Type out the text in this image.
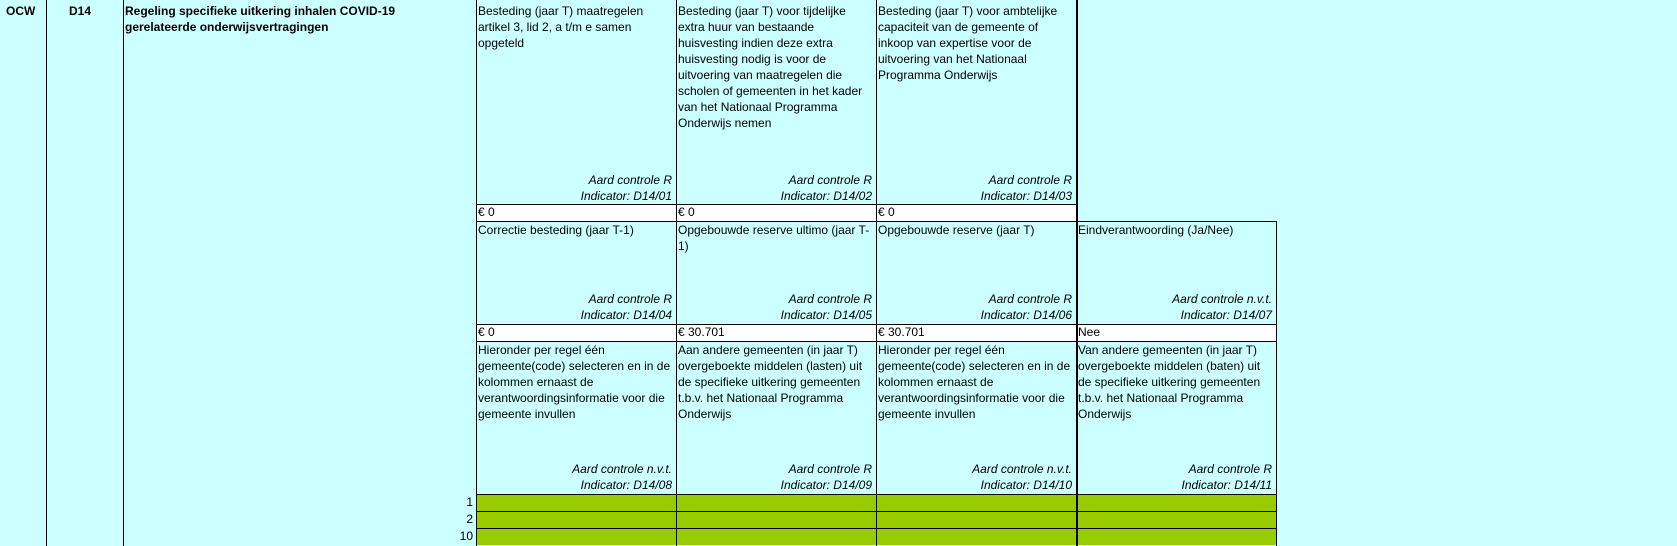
OCW	D14	Regeling specifieke uitkering inhalen COVID-19 gerelateerde onderwijsvertragingen
Besteding (jaar T) maatregelen artikel 3, lid 2, a t/m e samen opgeteld
Aard controle R
Indicator: D14/01
€ 0
Besteding (jaar T) voor tijdelijke extra huur van bestaande huisvesting indien deze extra huisvesting nodig is voor de uitvoering van maatregelen die scholen of gemeenten in het kader van het Nationaal Programma Onderwijs nemen
Aard controle R
Indicator: D14/02
€ 0
Besteding (jaar T) voor ambtelijke capaciteit van de gemeente of inkoop van expertise voor de uitvoering van het Nationaal Programma Onderwijs
Aard controle R
Indicator: D14/03
€ 0
Correctie besteding (jaar T-1)
Aard controle R
Indicator: D14/04
€ 0
Opgebouwde reserve ultimo (jaar T-1)
Aard controle R
Indicator: D14/05
€ 30.701
Opgebouwde reserve (jaar T)
Aard controle R
Indicator: D14/06
€ 30.701
Eindverantwoording (Ja/Nee)
Aard controle n.v.t.
Indicator: D14/07
Nee
Hieronder per regel één gemeente(code) selecteren en in de kolommen ernaast de verantwoordingsinformatie voor die gemeente invullen
Aard controle n.v.t.
Indicator: D14/08
Aan andere gemeenten (in jaar T) overgeboekte middelen (lasten) uit de specifieke uitkering gemeenten t.b.v. het Nationaal Programma Onderwijs
Aard controle R
Indicator: D14/09
Hieronder per regel één gemeente(code) selecteren en in de kolommen ernaast de verantwoordingsinformatie voor die gemeente invullen
Aard controle n.v.t.
Indicator: D14/10
Van andere gemeenten (in jaar T) overgeboekte middelen (baten) uit de specifieke uitkering gemeenten t.b.v. het Nationaal Programma Onderwijs
Aard controle R
Indicator: D14/11
1
2
10
